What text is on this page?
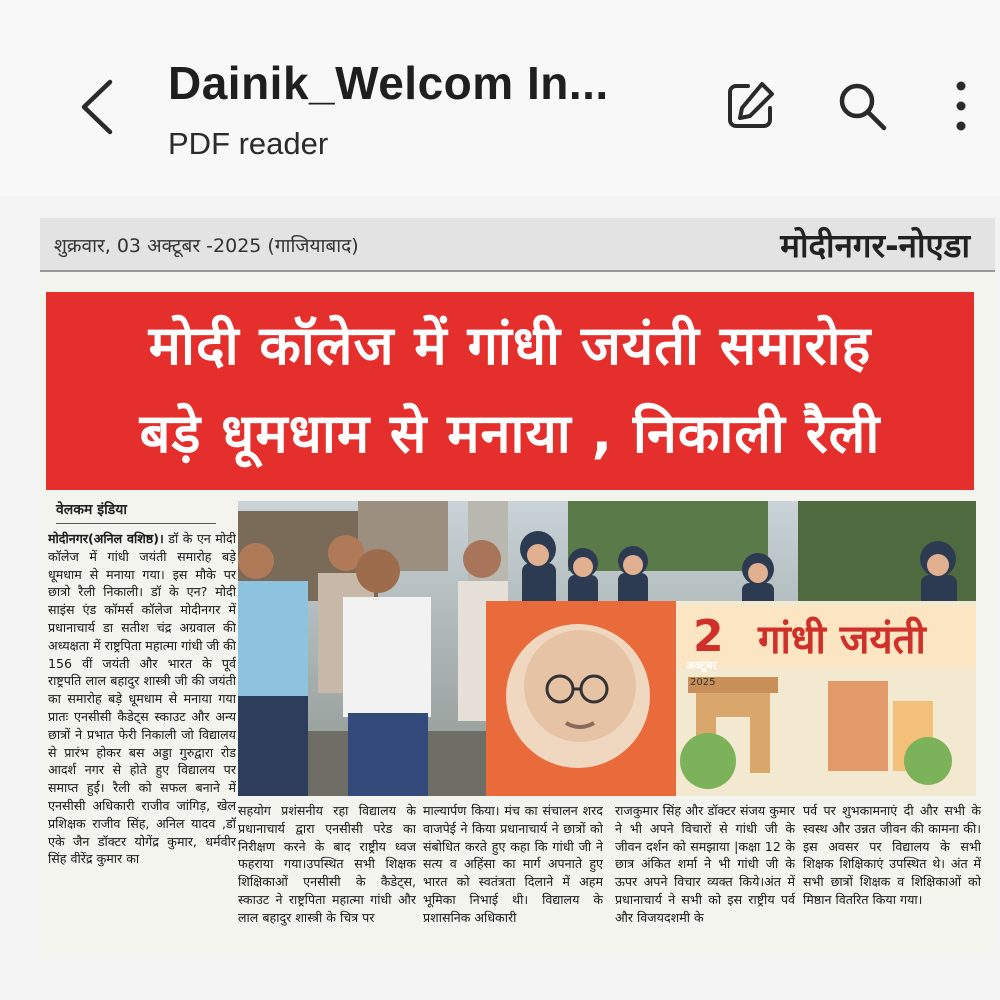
Dainik_Welcom In...
PDF reader
शुक्रवार, 03 अक्टूबर -2025 (गाजियाबाद)	मोदीनगर-नोएडा
मोदी कॉलेज में गांधी जयंती समारोह
बड़े धूमधाम से मनाया , निकाली रैली
वेलकम इंडिया
मोदीनगर(अनिल वशिष्ठ)। डॉ के एन मोदी कॉलेज में गांधी जयंती समारोह बड़े धूमधाम से मनाया गया। इस मौके पर छात्रो रैली निकाली। डॉ के एन? मोदी साइंस एंड कॉमर्स कॉलेज मोदीनगर में प्रधानाचार्य डा सतीश चंद्र अग्रवाल की अध्यक्षता में राष्ट्रपिता महात्मा गांधी जी की 156 वीं जयंती और भारत के पूर्व राष्ट्रपति लाल बहादुर शास्त्री जी की जयंती का समारोह बड़े धूमधाम से मनाया गया प्रातः एनसीसी कैडेट्स स्काउट और अन्य छात्रों ने प्रभात फेरी निकाली जो विद्यालय से प्रारंभ होकर बस अड्डा गुरुद्वारा रोड आदर्श नगर से होते हुए विद्यालय पर समाप्त हुई। रैली को सफल बनाने में एनसीसी अधिकारी राजीव जांगिड़, खेल प्रशिक्षक राजीव सिंह, अनिल यादव ,डॉ एके जैन डॉक्टर योगेंद्र कुमार, धर्मवीर सिंह वीरेंद्र कुमार का
2
अक्टूबर
2025
गांधी जयंती
सहयोग प्रशंसनीय रहा विद्यालय के प्रधानाचार्य द्वारा एनसीसी परेड का निरीक्षण करने के बाद राष्ट्रीय ध्वज फहराया गया।उपस्थित सभी शिक्षक शिक्षिकाओं एनसीसी के कैडेट्स, स्काउट ने राष्ट्रपिता महात्मा गांधी और लाल बहादुर शास्त्री के चित्र पर
माल्यार्पण किया। मंच का संचालन शरद वाजपेई ने किया प्रधानाचार्य ने छात्रों को संबोधित करते हुए कहा कि गांधी जी ने सत्य व अहिंसा का मार्ग अपनाते हुए भारत को स्वतंत्रता दिलाने में अहम भूमिका निभाई थी। विद्यालय के प्रशासनिक अधिकारी
राजकुमार सिंह और डॉक्टर संजय कुमार ने भी अपने विचारों से गांधी जी के जीवन दर्शन को समझाया |कक्षा 12 के छात्र अंकित शर्मा ने भी गांधी जी के ऊपर अपने विचार व्यक्त किये।अंत में प्रधानाचार्य ने सभी को इस राष्ट्रीय पर्व और विजयदशमी के
पर्व पर शुभकामनाएं दी और सभी के स्वस्थ और उन्नत जीवन की कामना की।इस अवसर पर विद्यालय के सभी शिक्षक शिक्षिकाएं उपस्थित थे। अंत में सभी छात्रों शिक्षक व शिक्षिकाओं को मिष्ठान वितरित किया गया।
